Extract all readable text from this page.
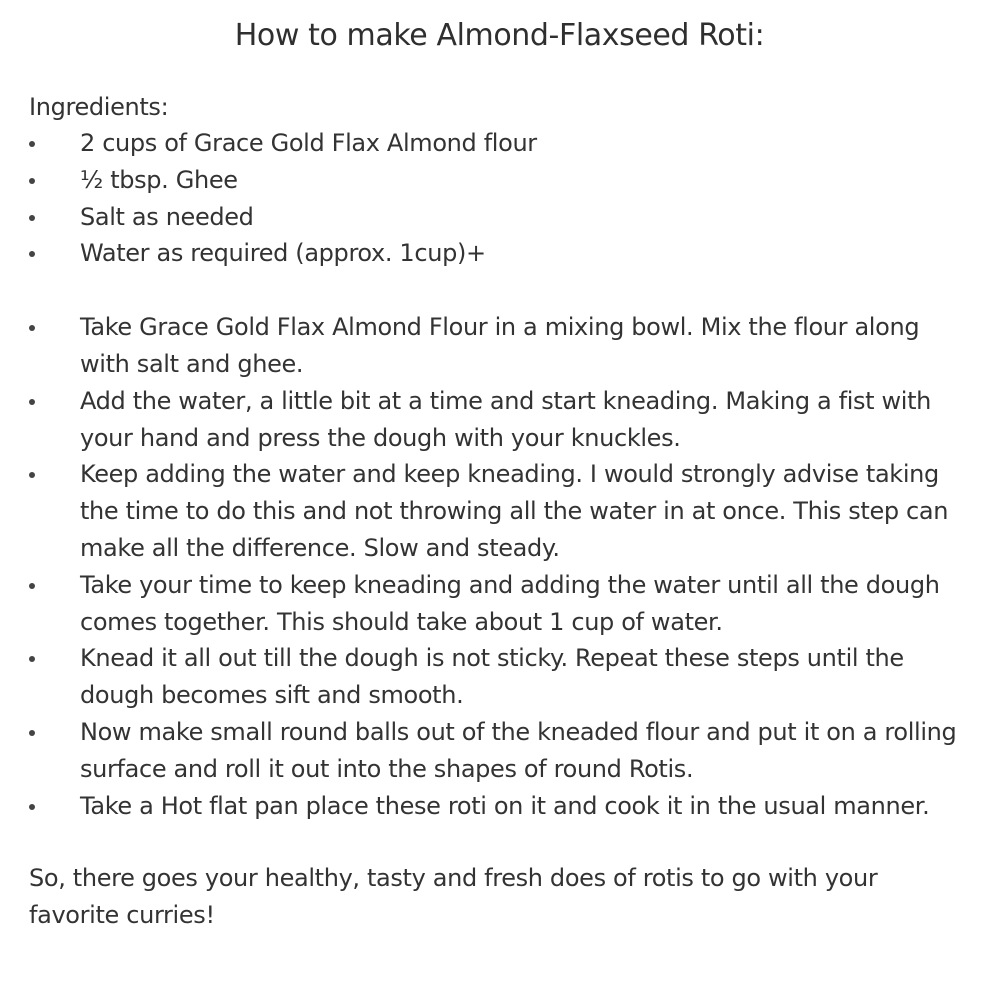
How to make Almond-Flaxseed Roti:
Ingredients:
2 cups of Grace Gold Flax Almond flour
½ tbsp. Ghee
Salt as needed
Water as required (approx. 1cup)+
Take Grace Gold Flax Almond Flour in a mixing bowl. Mix the flour along with salt and ghee.
Add the water, a little bit at a time and start kneading. Making a fist with your hand and press the dough with your knuckles.
Keep adding the water and keep kneading. I would strongly advise taking the time to do this and not throwing all the water in at once. This step can make all the difference. Slow and steady.
Take your time to keep kneading and adding the water until all the dough comes together. This should take about 1 cup of water.
Knead it all out till the dough is not sticky. Repeat these steps until the dough becomes sift and smooth.
Now make small round balls out of the kneaded flour and put it on a rolling surface and roll it out into the shapes of round Rotis.
Take a Hot flat pan place these roti on it and cook it in the usual manner.

So, there goes your healthy, tasty and fresh does of rotis to go with your favorite curries!
